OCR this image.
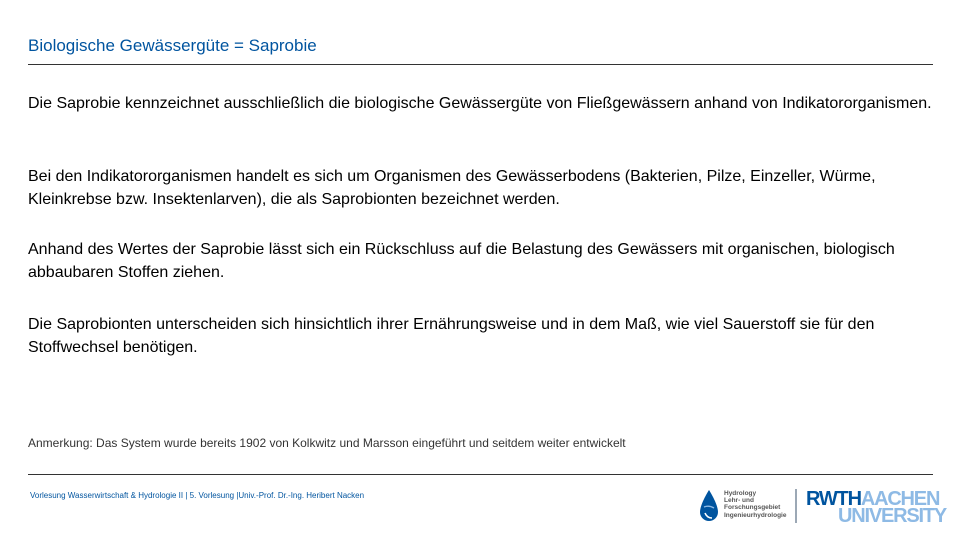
Biologische Gewässergüte = Saprobie

Die Saprobie kennzeichnet ausschließlich die biologische Gewässergüte von Fließgewässern anhand von Indikatororganismen.

Bei den Indikatororganismen handelt es sich um Organismen des Gewässerbodens (Bakterien, Pilze, Einzeller, Würme, Kleinkrebse bzw. Insektenlarven), die als Saprobionten bezeichnet werden.

Anhand des Wertes der Saprobie lässt sich ein Rückschluss auf die Belastung des Gewässers mit organischen, biologisch abbaubaren Stoffen ziehen.

Die Saprobionten unterscheiden sich hinsichtlich ihrer Ernährungsweise und in dem Maß, wie viel Sauerstoff sie für den Stoffwechsel benötigen.

Anmerkung: Das System wurde bereits 1902 von Kolkwitz und Marsson eingeführt und seitdem weiter entwickelt
Vorlesung Wasserwirtschaft & Hydrologie II | 5. Vorlesung |Univ.-Prof. Dr.-Ing. Heribert Nacken	Hydrology
Lehr- und
Forschungsgebiet
Ingenieurhydrologie
RWTHAACHEN
UNIVERSITY
